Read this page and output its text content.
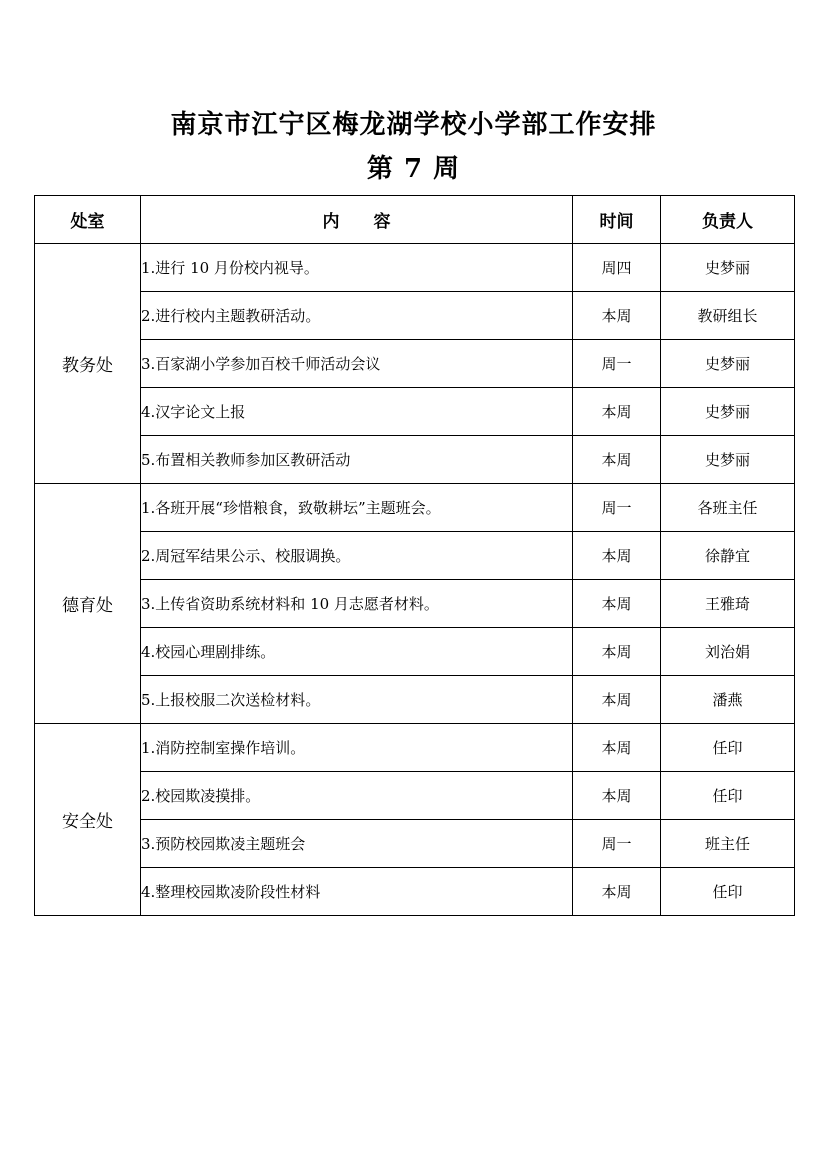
南京市江宁区梅龙湖学校小学部工作安排
第 7 周
处室	内　　容	时间	负责人
教务处	1.进行 10 月份校内视导。	周四	史梦丽
	2.进行校内主题教研活动。	本周	教研组长
	3.百家湖小学参加百校千师活动会议	周一	史梦丽
	4.汉字论文上报	本周	史梦丽
	5.布置相关教师参加区教研活动	本周	史梦丽
德育处	1.各班开展“珍惜粮食，致敬耕坛”主题班会。	周一	各班主任
	2.周冠军结果公示、校服调换。	本周	徐静宜
	3.上传省资助系统材料和 10 月志愿者材料。	本周	王雅琦
	4.校园心理剧排练。	本周	刘治娟
	5.上报校服二次送检材料。	本周	潘燕
安全处	1.消防控制室操作培训。	本周	任印
	2.校园欺凌摸排。	本周	任印
	3.预防校园欺凌主题班会	周一	班主任
	4.整理校园欺凌阶段性材料	本周	任印
